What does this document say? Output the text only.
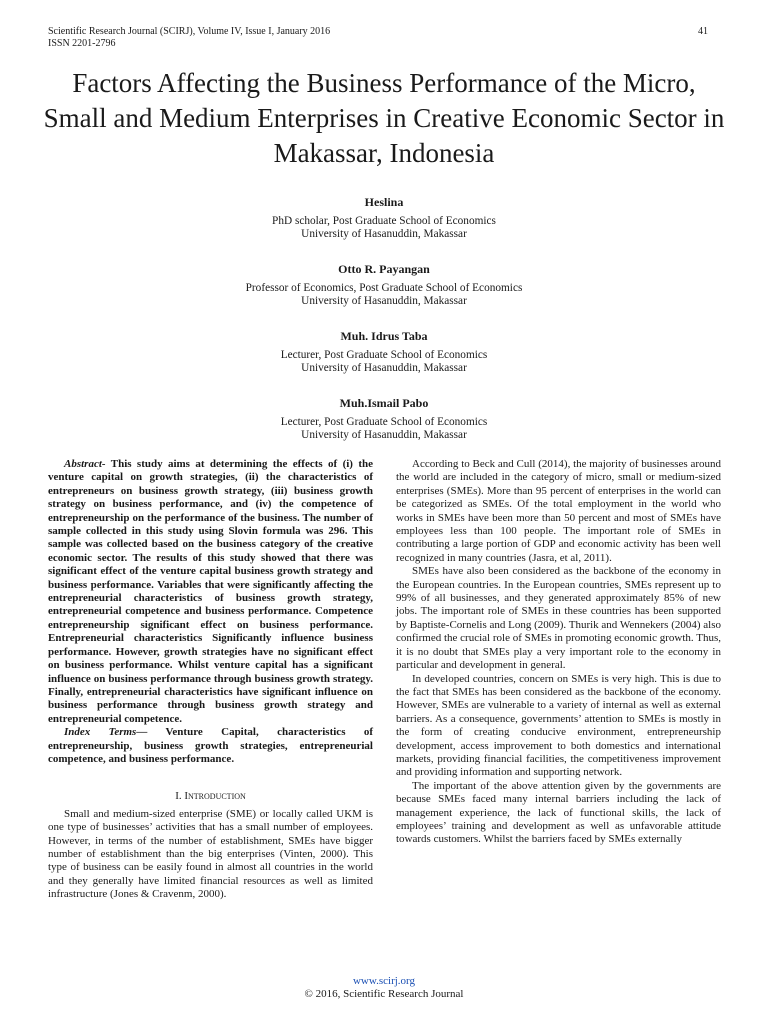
Scientific Research Journal (SCIRJ), Volume IV, Issue I, January 2016
ISSN 2201-2796
41
Factors Affecting the Business Performance of the Micro, Small and Medium Enterprises in Creative Economic Sector in Makassar, Indonesia
Heslina
PhD scholar, Post Graduate School of Economics
University of Hasanuddin, Makassar
Otto R. Payangan
Professor of Economics, Post Graduate School of Economics
University of Hasanuddin, Makassar
Muh. Idrus Taba
Lecturer, Post Graduate School of Economics
University of Hasanuddin, Makassar
Muh.Ismail Pabo
Lecturer, Post Graduate School of Economics
University of Hasanuddin, Makassar

Abstract- This study aims at determining the effects of (i) the venture capital on growth strategies, (ii) the characteristics of entrepreneurs on business growth strategy, (iii) business growth strategy on business performance, and (iv) the competence of entrepreneurship on the performance of the business. The number of sample collected in this study using Slovin formula was 296. This sample was collected based on the business category of the creative economic sector. The results of this study showed that there was significant effect of the venture capital business growth strategy and business performance. Variables that were significantly affecting the entrepreneurial characteristics of business growth strategy, entrepreneurial competence and business performance. Competence entrepreneurship significant effect on business performance. Entrepreneurial characteristics Significantly influence business performance. However, growth strategies have no significant effect on business performance. Whilst venture capital has a significant influence on business performance through business growth strategy. Finally, entrepreneurial characteristics have significant influence on business performance through business growth strategy and entrepreneurial competence.

Index Terms— Venture Capital, characteristics of entrepreneurship, business growth strategies, entrepreneurial competence, and business performance.

I. Introduction

Small and medium-sized enterprise (SME) or locally called UKM is one type of businesses’ activities that has a small number of employees. However, in terms of the number of establishment, SMEs have bigger number of establishment than the big enterprises (Vinten, 2000). This type of business can be easily found in almost all countries in the world and they generally have limited financial resources as well as limited infrastructure (Jones & Cravenm, 2000).

According to Beck and Cull (2014), the majority of businesses around the world are included in the category of micro, small or medium-sized enterprises (SMEs). More than 95 percent of enterprises in the world can be categorized as SMEs. Of the total employment in the world who works in SMEs have been more than 50 percent and most of SMEs have employees less than 100 people. The important role of SMEs in contributing a large portion of GDP and economic activity has been well recognized in many countries (Jasra, et al, 2011).

SMEs have also been considered as the backbone of the economy in the European countries. In the European countries, SMEs represent up to 99% of all businesses, and they generated approximately 85% of new jobs. The important role of SMEs in these countries has been supported by Baptiste-Cornelis and Long (2009). Thurik and Wennekers (2004) also confirmed the crucial role of SMEs in promoting economic growth. Thus, it is no doubt that SMEs play a very important role to the economy in particular and development in general.

In developed countries, concern on SMEs is very high. This is due to the fact that SMEs has been considered as the backbone of the economy. However, SMEs are vulnerable to a variety of internal as well as external barriers. As a consequence, governments’ attention to SMEs is mostly in the form of creating conducive environment, entrepreneurship development, access improvement to both domestics and international markets, providing financial facilities, the competitiveness improvement and providing information and supporting network.

The important of the above attention given by the governments are because SMEs faced many internal barriers including the lack of management experience, the lack of functional skills, the lack of employees’ training and development as well as unfavorable attitude towards customers. Whilst the barriers faced by SMEs externally

www.scirj.org
© 2016, Scientific Research Journal
